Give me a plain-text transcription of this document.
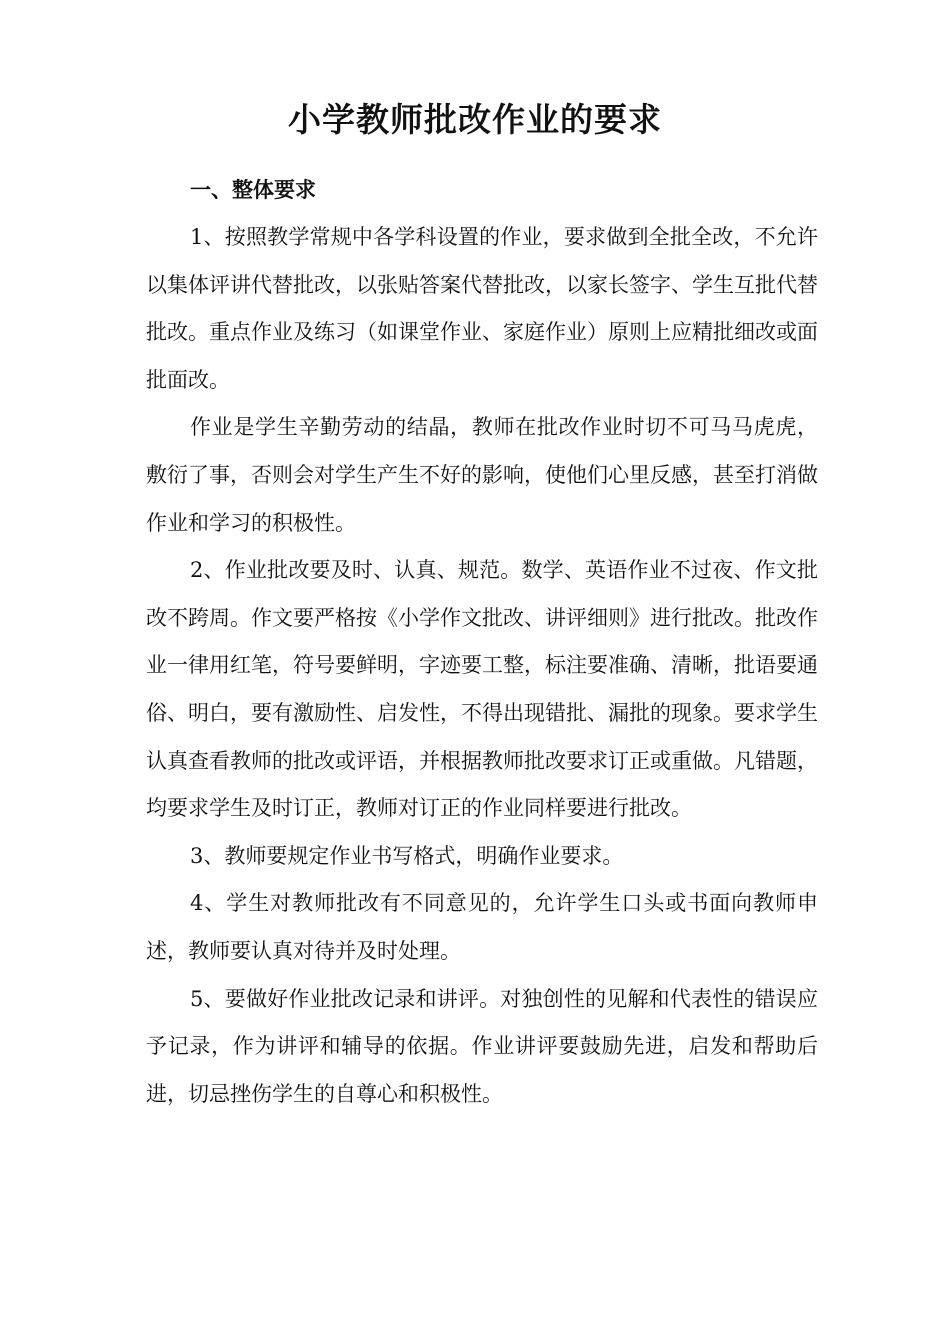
小学教师批改作业的要求
一、整体要求

1、按照教学常规中各学科设置的作业，要求做到全批全改，不允许以集体评讲代替批改，以张贴答案代替批改，以家长签字、学生互批代替批改。重点作业及练习（如课堂作业、家庭作业）原则上应精批细改或面批面改。

作业是学生辛勤劳动的结晶，教师在批改作业时切不可马马虎虎，敷衍了事，否则会对学生产生不好的影响，使他们心里反感，甚至打消做作业和学习的积极性。

2、作业批改要及时、认真、规范。数学、英语作业不过夜、作文批改不跨周。作文要严格按《小学作文批改、讲评细则》进行批改。批改作业一律用红笔，符号要鲜明，字迹要工整，标注要准确、清晰，批语要通俗、明白，要有激励性、启发性，不得出现错批、漏批的现象。要求学生认真查看教师的批改或评语，并根据教师批改要求订正或重做。凡错题，均要求学生及时订正，教师对订正的作业同样要进行批改。

3、教师要规定作业书写格式，明确作业要求。

4、学生对教师批改有不同意见的，允许学生口头或书面向教师申述，教师要认真对待并及时处理。

5、要做好作业批改记录和讲评。对独创性的见解和代表性的错误应予记录，作为讲评和辅导的依据。作业讲评要鼓励先进，启发和帮助后进，切忌挫伤学生的自尊心和积极性。
